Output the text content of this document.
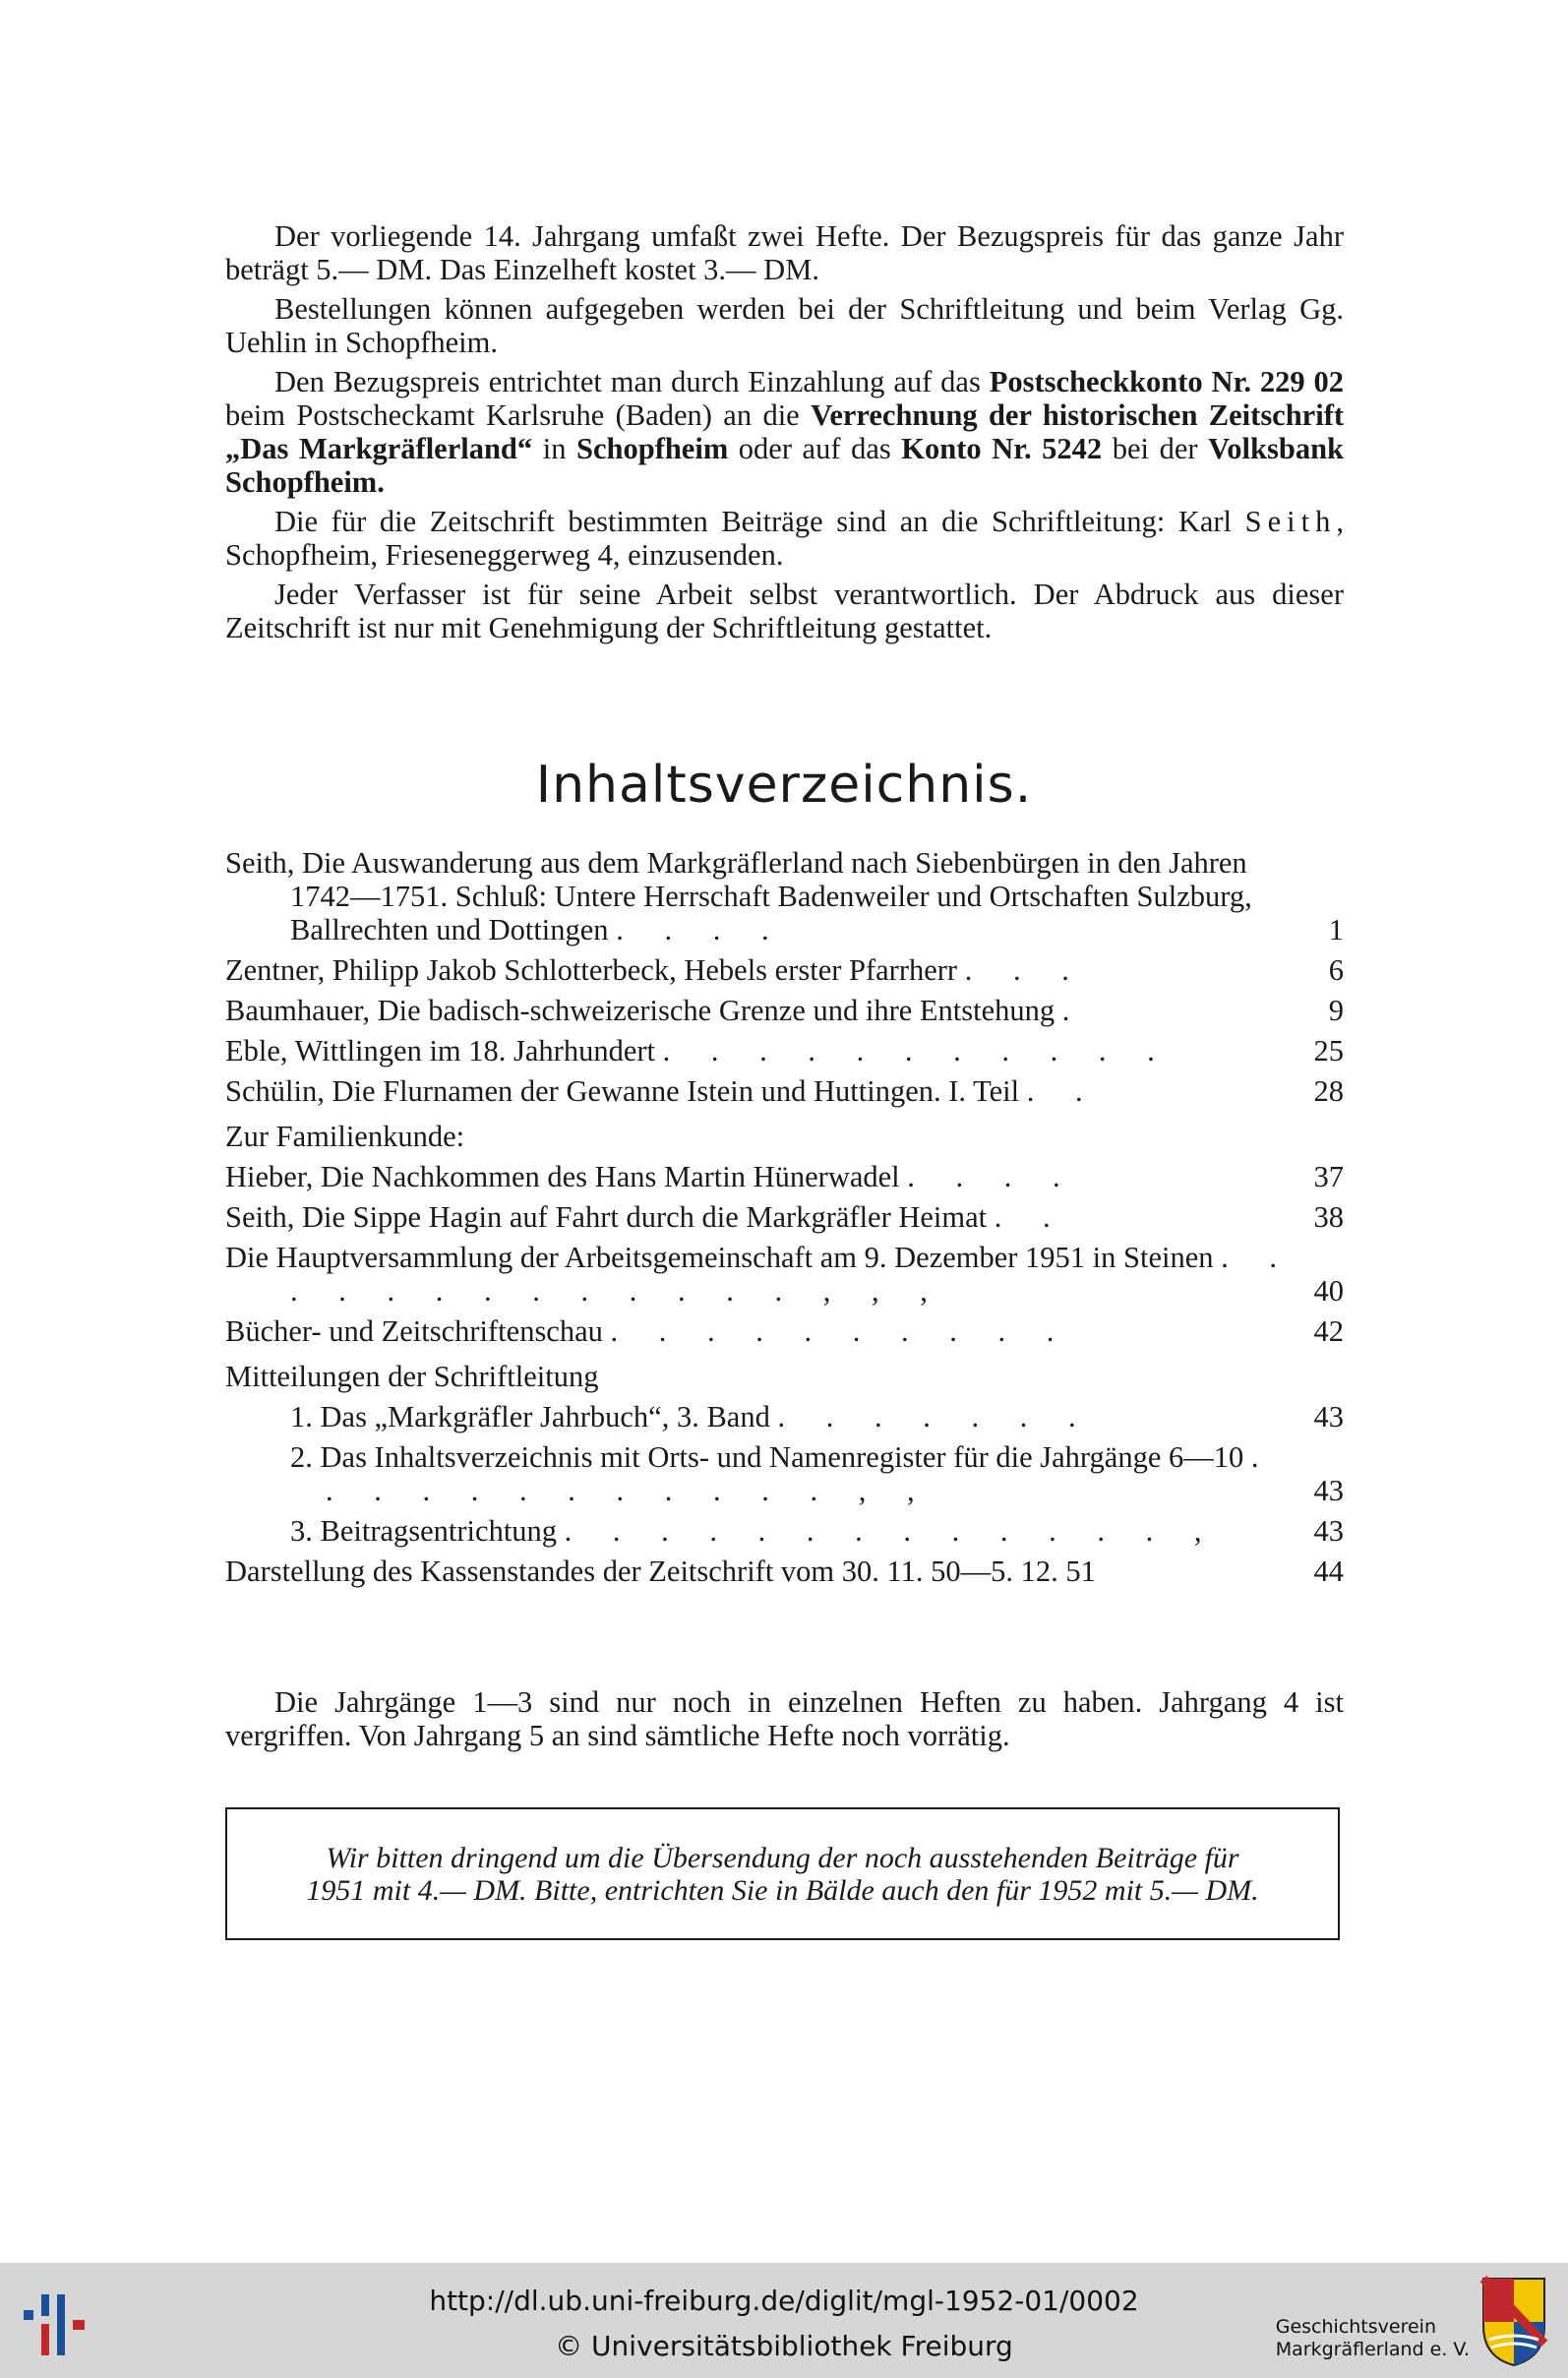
Der vorliegende 14. Jahrgang umfaßt zwei Hefte. Der Bezugspreis für das ganze Jahr beträgt 5.— DM. Das Einzelheft kostet 3.— DM.

Bestellungen können aufgegeben werden bei der Schriftleitung und beim Verlag Gg. Uehlin in Schopfheim.

Den Bezugspreis entrichtet man durch Einzahlung auf das Postscheckkonto Nr. 229 02 beim Postscheckamt Karlsruhe (Baden) an die Verrechnung der historischen Zeitschrift „Das Markgräflerland“ in Schopfheim oder auf das Konto Nr. 5242 bei der Volksbank Schopfheim.

Die für die Zeitschrift bestimmten Beiträge sind an die Schriftleitung: Karl Seith, Schopfheim, Frieseneggerweg 4, einzusenden.

Jeder Verfasser ist für seine Arbeit selbst verantwortlich. Der Abdruck aus dieser Zeitschrift ist nur mit Genehmigung der Schriftleitung gestattet.

Inhaltsverzeichnis.
Seith, Die Auswanderung aus dem Markgräflerland nach Siebenbürgen in den Jahren 1742—1751. Schluß: Untere Herrschaft Badenweiler und Ortschaften Sulzburg, Ballrechten und Dottingen . . . .	1
Zentner, Philipp Jakob Schlotterbeck, Hebels erster Pfarrherr . . .	6
Baumhauer, Die badisch-schweizerische Grenze und ihre Entstehung .	9
Eble, Wittlingen im 18. Jahrhundert . . . . . . . . . . .	25
Schülin, Die Flurnamen der Gewanne Istein und Huttingen. I. Teil . .	28
Zur Familienkunde:
Hieber, Die Nachkommen des Hans Martin Hünerwadel . . . .	37
Seith, Die Sippe Hagin auf Fahrt durch die Markgräfler Heimat . .	38
Die Hauptversammlung der Arbeitsgemeinschaft am 9. Dezember 1951 in Steinen . . . . . . . . . . . . . , , ,	40
Bücher- und Zeitschriftenschau . . . . . . . . . .	42
Mitteilungen der Schriftleitung
1. Das „Markgräfler Jahrbuch“, 3. Band . . . . . . .	43
2. Das Inhaltsverzeichnis mit Orts- und Namenregister für die Jahrgänge 6—10 . . . . . . . . . . . . , ,	43
3. Beitragsentrichtung . . . . . . . . . . . . . ,	43
Darstellung des Kassenstandes der Zeitschrift vom 30. 11. 50—5. 12. 51	44

Die Jahrgänge 1—3 sind nur noch in einzelnen Heften zu haben. Jahrgang 4 ist vergriffen. Von Jahrgang 5 an sind sämtliche Hefte noch vorrätig.

Wir bitten dringend um die Übersendung der noch ausstehenden Beiträge für 1951 mit 4.— DM. Bitte, entrichten Sie in Bälde auch den für 1952 mit 5.— DM.

http://dl.ub.uni-freiburg.de/diglit/mgl-1952-01/0002
© Universitätsbibliothek Freiburg
Geschichtsverein
Markgräflerland e. V.
